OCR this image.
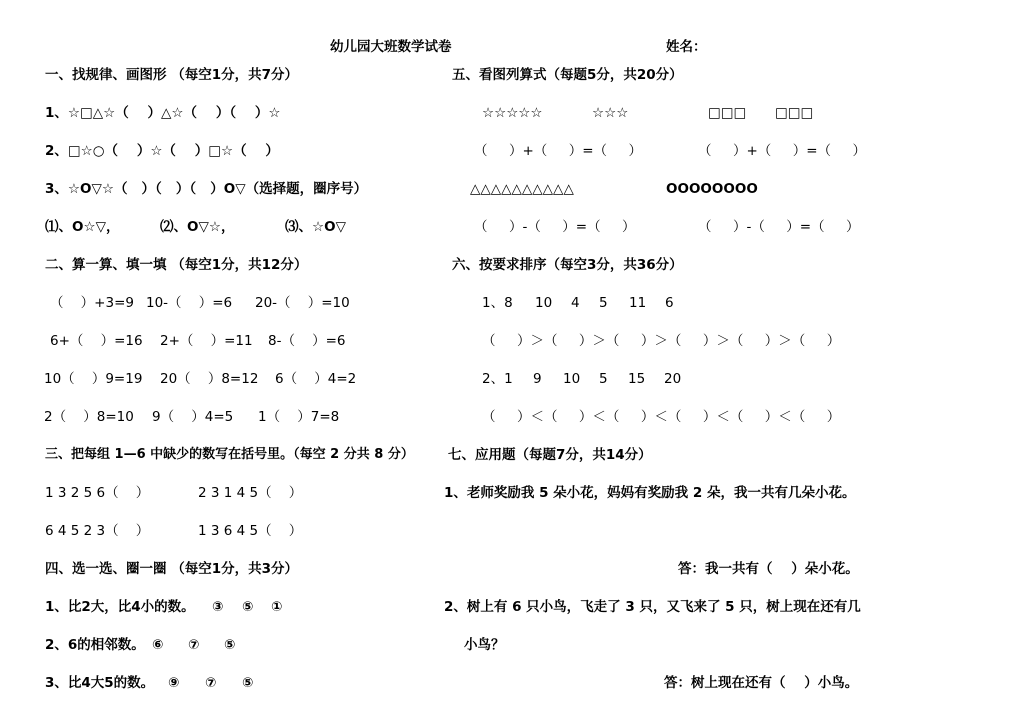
幼儿园大班数学试卷	姓名：
一、找规律、画图形 （每空1分，共7分）
1、☆□△☆（    ）△☆（    ）（    ）☆
2、□☆○（    ）☆（    ）□☆（    ）
3、☆O▽☆（   ）（   ）（   ）O▽（选择题，圈序号）
⑴、O☆▽，	⑵、O▽☆，	⑶、☆O▽
二、算一算、填一填 （每空1分，共12分）
（    ）+3=9 10-（    ）=6 20-（    ）=10
6+（    ）=16 2+（    ）=11 8-（    ）=6
10（    ）9=19 20（    ）8=12 6（    ）4=2
2（    ）8=10 9（    ）4=5 1（    ）7=8
三、把每组 1—6 中缺少的数写在括号里。（每空 2 分共 8 分）
1 3 2 5 6（    ）	2 3 1 4 5（    ）
6 4 5 2 3（    ）	1 3 6 4 5（    ）
四、选一选、圈一圈 （每空1分，共3分）
1、比2大，比4小的数。 ③ ⑤ ①
2、6的相邻数。 ⑥ ⑦ ⑤
3、比4大5的数。 ⑨ ⑦ ⑤
五、看图列算式（每题5分，共20分）
☆☆☆☆☆	☆☆☆	□□□ □□□
（     ）+（     ）=（     ）	（     ）+（     ）=（     ）
△△△△△△△△△△	OOOOOOOO
（     ）-（     ）=（     ）	（     ）-（     ）=（     ）
六、按要求排序（每空3分，共36分）
1、8 10 4 5 11 6
（     ）＞（     ）＞（     ）＞（     ）＞（     ）＞（     ）
2、1 9 10 5 15 20
（     ）＜（     ）＜（     ）＜（     ）＜（     ）＜（     ）
七、应用题（每题7分，共14分）
1、老师奖励我 5 朵小花，妈妈有奖励我 2 朵，我一共有几朵小花。
答：我一共有（    ）朵小花。
2、树上有 6 只小鸟，飞走了 3 只，又飞来了 5 只，树上现在还有几
小鸟？
答：树上现在还有（    ）小鸟。
